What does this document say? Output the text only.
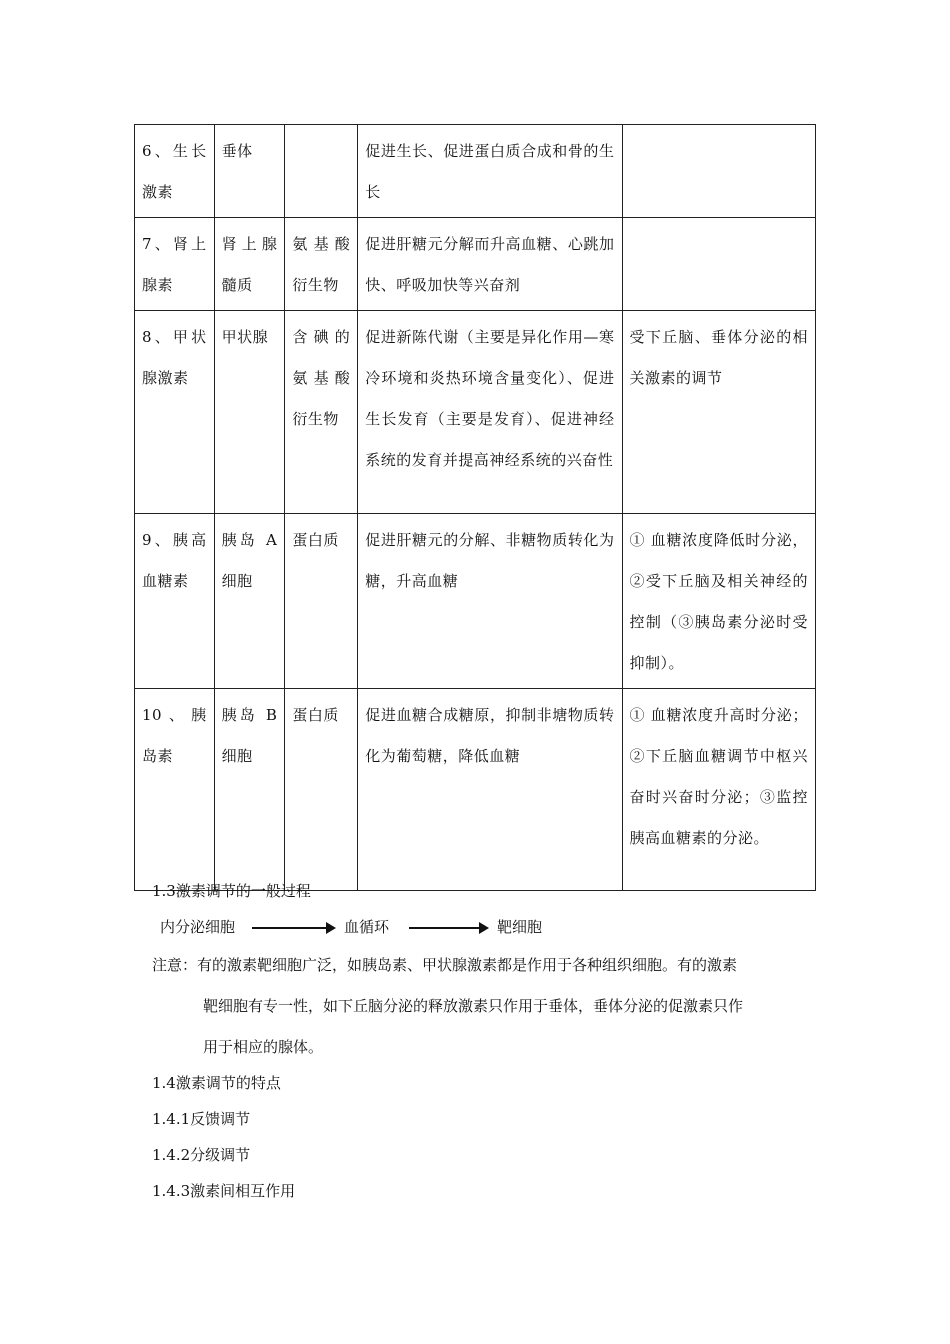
6、生长激素	垂体		促进生长、促进蛋白质合成和骨的生长	
7、肾上腺素	肾上腺髓质	氨基酸衍生物	促进肝糖元分解而升高血糖、心跳加快、呼吸加快等兴奋剂	
8、甲状腺激素	甲状腺	含碘的氨基酸衍生物	促进新陈代谢（主要是异化作用—寒冷环境和炎热环境含量变化）、促进生长发育（主要是发育）、促进神经系统的发育并提高神经系统的兴奋性	受下丘脑、垂体分泌的相关激素的调节
9、胰高血糖素	胰岛 A 细胞	蛋白质	促进肝糖元的分解、非糖物质转化为糖，升高血糖	① 血糖浓度降低时分泌，②受下丘脑及相关神经的控制（③胰岛素分泌时受抑制）。
10、胰岛素	胰岛 B 细胞	蛋白质	促进血糖合成糖原，抑制非塘物质转化为葡萄糖，降低血糖	① 血糖浓度升高时分泌；②下丘脑血糖调节中枢兴奋时兴奋时分泌；③监控胰高血糖素的分泌。
1.3激素调节的一般过程
内分泌细胞	血循环	靶细胞
注意：有的激素靶细胞广泛，如胰岛素、甲状腺激素都是作用于各种组织细胞。有的激素
靶细胞有专一性，如下丘脑分泌的释放激素只作用于垂体，垂体分泌的促激素只作
用于相应的腺体。
1.4激素调节的特点
1.4.1反馈调节
1.4.2分级调节
1.4.3激素间相互作用
